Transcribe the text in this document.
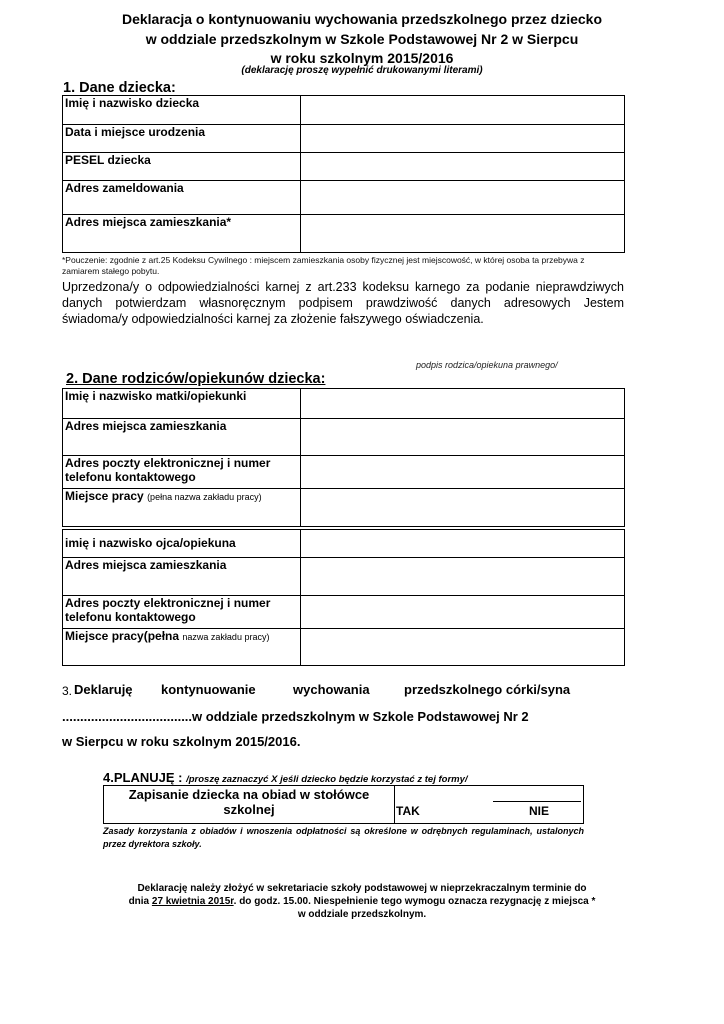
Deklaracja o kontynuowaniu wychowania przedszkolnego przez dziecko
w oddziale przedszkolnym w Szkole Podstawowej Nr 2 w Sierpcu
w roku szkolnym 2015/2016
(deklarację proszę wypełnić drukowanymi literami)
1. Dane dziecka:
Imię i nazwisko dziecka	
Data i miejsce urodzenia	
PESEL dziecka	
Adres zameldowania	
Adres miejsca zamieszkania*	
*Pouczenie: zgodnie z art.25 Kodeksu Cywilnego : miejscem zamieszkania osoby fizycznej jest miejscowość, w której osoba ta przebywa z zamiarem stałego pobytu.
Uprzedzona/y o odpowiedzialności karnej z art.233 kodeksu karnego za podanie nieprawdziwych danych potwierdzam własnoręcznym podpisem prawdziwość danych adresowych Jestem świadoma/y odpowiedzialności karnej za złożenie fałszywego oświadczenia.
podpis rodzica/opiekuna prawnego/
2. Dane rodziców/opiekunów dziecka:
Imię i nazwisko matki/opiekunki	
Adres miejsca zamieszkania	
Adres poczty elektronicznej i numer telefonu kontaktowego	
Miejsce pracy (pełna nazwa zakładu pracy)	
imię i nazwisko ojca/opiekuna	
Adres miejsca zamieszkania	
Adres poczty elektronicznej i numer telefonu kontaktowego	
Miejsce pracy(pełna nazwa zakładu pracy)	
3. Deklaruję kontynuowanie	wychowania	przedszkolnego córki/syna
....................................w oddziale przedszkolnym w Szkole Podstawowej Nr 2
w Sierpcu w roku szkolnym 2015/2016.
4.PLANUJĘ : /proszę zaznaczyć X jeśli dziecko będzie korzystać z tej formy/
Zapisanie dziecka na obiad w stołówce szkolnej	TAK	NIE
Zasady korzystania z obiadów i wnoszenia odpłatności są określone w odrębnych regulaminach, ustalonych przez dyrektora szkoły.
Deklarację należy złożyć w sekretariacie szkoły podstawowej w nieprzekraczalnym terminie do
dnia 27 kwietnia 2015r. do godz. 15.00. Niespełnienie tego wymogu oznacza rezygnację z miejsca *
w oddziale przedszkolnym.
